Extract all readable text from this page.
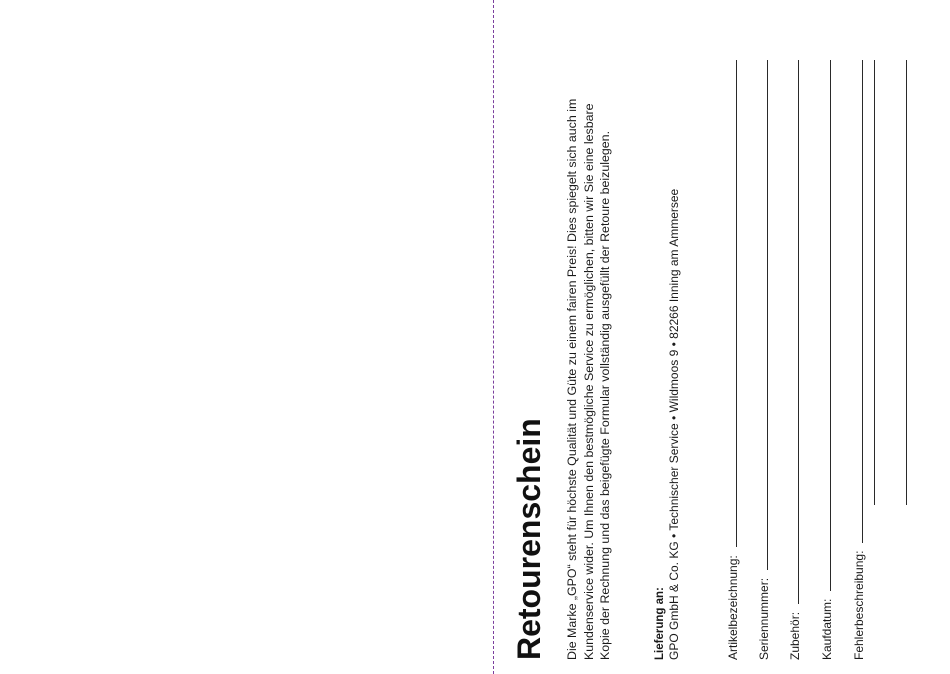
Retourenschein	Die Marke „GPO“ steht für höchste Qualität und Güte zu einem fairen Preis! Dies spiegelt sich auch im Kundenservice wider. Um Ihnen den bestmögliche Service zu ermöglichen, bitten wir Sie eine lesbare Kopie der Rechnung und das beigefügte Formular vollständig ausgefüllt der Retoure beizulegen.	Lieferung an: GPO GmbH & Co. KG • Technischer Service • Wildmoos 9 • 82266 Inning am Ammersee	Artikelbezeichnung: Seriennummer: Zubehör: Kaufdatum: Fehlerbeschreibung:
